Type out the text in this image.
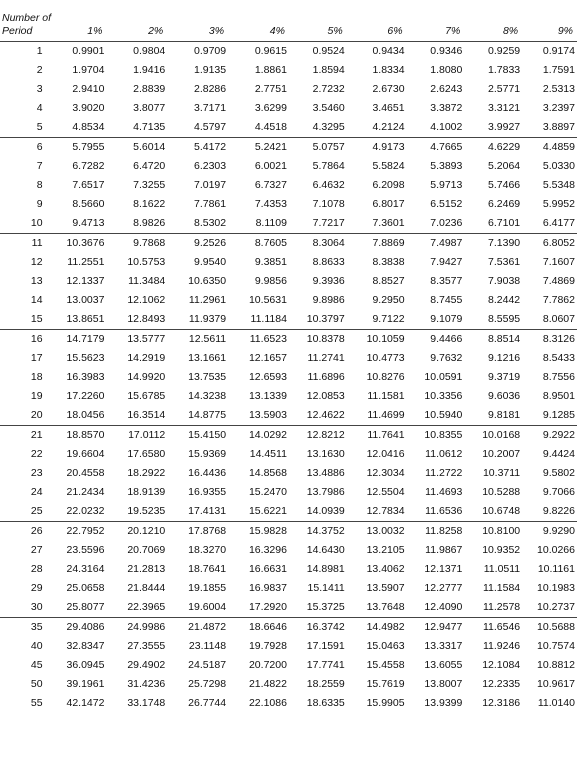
Number of
Period	1%	2%	3%	4%	5%	6%	7%	8%	9%

1	0.9901	0.9804	0.9709	0.9615	0.9524	0.9434	0.9346	0.9259	0.9174
2	1.9704	1.9416	1.9135	1.8861	1.8594	1.8334	1.8080	1.7833	1.7591
3	2.9410	2.8839	2.8286	2.7751	2.7232	2.6730	2.6243	2.5771	2.5313
4	3.9020	3.8077	3.7171	3.6299	3.5460	3.4651	3.3872	3.3121	3.2397
5	4.8534	4.7135	4.5797	4.4518	4.3295	4.2124	4.1002	3.9927	3.8897
6	5.7955	5.6014	5.4172	5.2421	5.0757	4.9173	4.7665	4.6229	4.4859
7	6.7282	6.4720	6.2303	6.0021	5.7864	5.5824	5.3893	5.2064	5.0330
8	7.6517	7.3255	7.0197	6.7327	6.4632	6.2098	5.9713	5.7466	5.5348
9	8.5660	8.1622	7.7861	7.4353	7.1078	6.8017	6.5152	6.2469	5.9952
10	9.4713	8.9826	8.5302	8.1109	7.7217	7.3601	7.0236	6.7101	6.4177
11	10.3676	9.7868	9.2526	8.7605	8.3064	7.8869	7.4987	7.1390	6.8052
12	11.2551	10.5753	9.9540	9.3851	8.8633	8.3838	7.9427	7.5361	7.1607
13	12.1337	11.3484	10.6350	9.9856	9.3936	8.8527	8.3577	7.9038	7.4869
14	13.0037	12.1062	11.2961	10.5631	9.8986	9.2950	8.7455	8.2442	7.7862
15	13.8651	12.8493	11.9379	11.1184	10.3797	9.7122	9.1079	8.5595	8.0607
16	14.7179	13.5777	12.5611	11.6523	10.8378	10.1059	9.4466	8.8514	8.3126
17	15.5623	14.2919	13.1661	12.1657	11.2741	10.4773	9.7632	9.1216	8.5433
18	16.3983	14.9920	13.7535	12.6593	11.6896	10.8276	10.0591	9.3719	8.7556
19	17.2260	15.6785	14.3238	13.1339	12.0853	11.1581	10.3356	9.6036	8.9501
20	18.0456	16.3514	14.8775	13.5903	12.4622	11.4699	10.5940	9.8181	9.1285
21	18.8570	17.0112	15.4150	14.0292	12.8212	11.7641	10.8355	10.0168	9.2922
22	19.6604	17.6580	15.9369	14.4511	13.1630	12.0416	11.0612	10.2007	9.4424
23	20.4558	18.2922	16.4436	14.8568	13.4886	12.3034	11.2722	10.3711	9.5802
24	21.2434	18.9139	16.9355	15.2470	13.7986	12.5504	11.4693	10.5288	9.7066
25	22.0232	19.5235	17.4131	15.6221	14.0939	12.7834	11.6536	10.6748	9.8226
26	22.7952	20.1210	17.8768	15.9828	14.3752	13.0032	11.8258	10.8100	9.9290
27	23.5596	20.7069	18.3270	16.3296	14.6430	13.2105	11.9867	10.9352	10.0266
28	24.3164	21.2813	18.7641	16.6631	14.8981	13.4062	12.1371	11.0511	10.1161
29	25.0658	21.8444	19.1855	16.9837	15.1411	13.5907	12.2777	11.1584	10.1983
30	25.8077	22.3965	19.6004	17.2920	15.3725	13.7648	12.4090	11.2578	10.2737
35	29.4086	24.9986	21.4872	18.6646	16.3742	14.4982	12.9477	11.6546	10.5688
40	32.8347	27.3555	23.1148	19.7928	17.1591	15.0463	13.3317	11.9246	10.7574
45	36.0945	29.4902	24.5187	20.7200	17.7741	15.4558	13.6055	12.1084	10.8812
50	39.1961	31.4236	25.7298	21.4822	18.2559	15.7619	13.8007	12.2335	10.9617
55	42.1472	33.1748	26.7744	22.1086	18.6335	15.9905	13.9399	12.3186	11.0140
